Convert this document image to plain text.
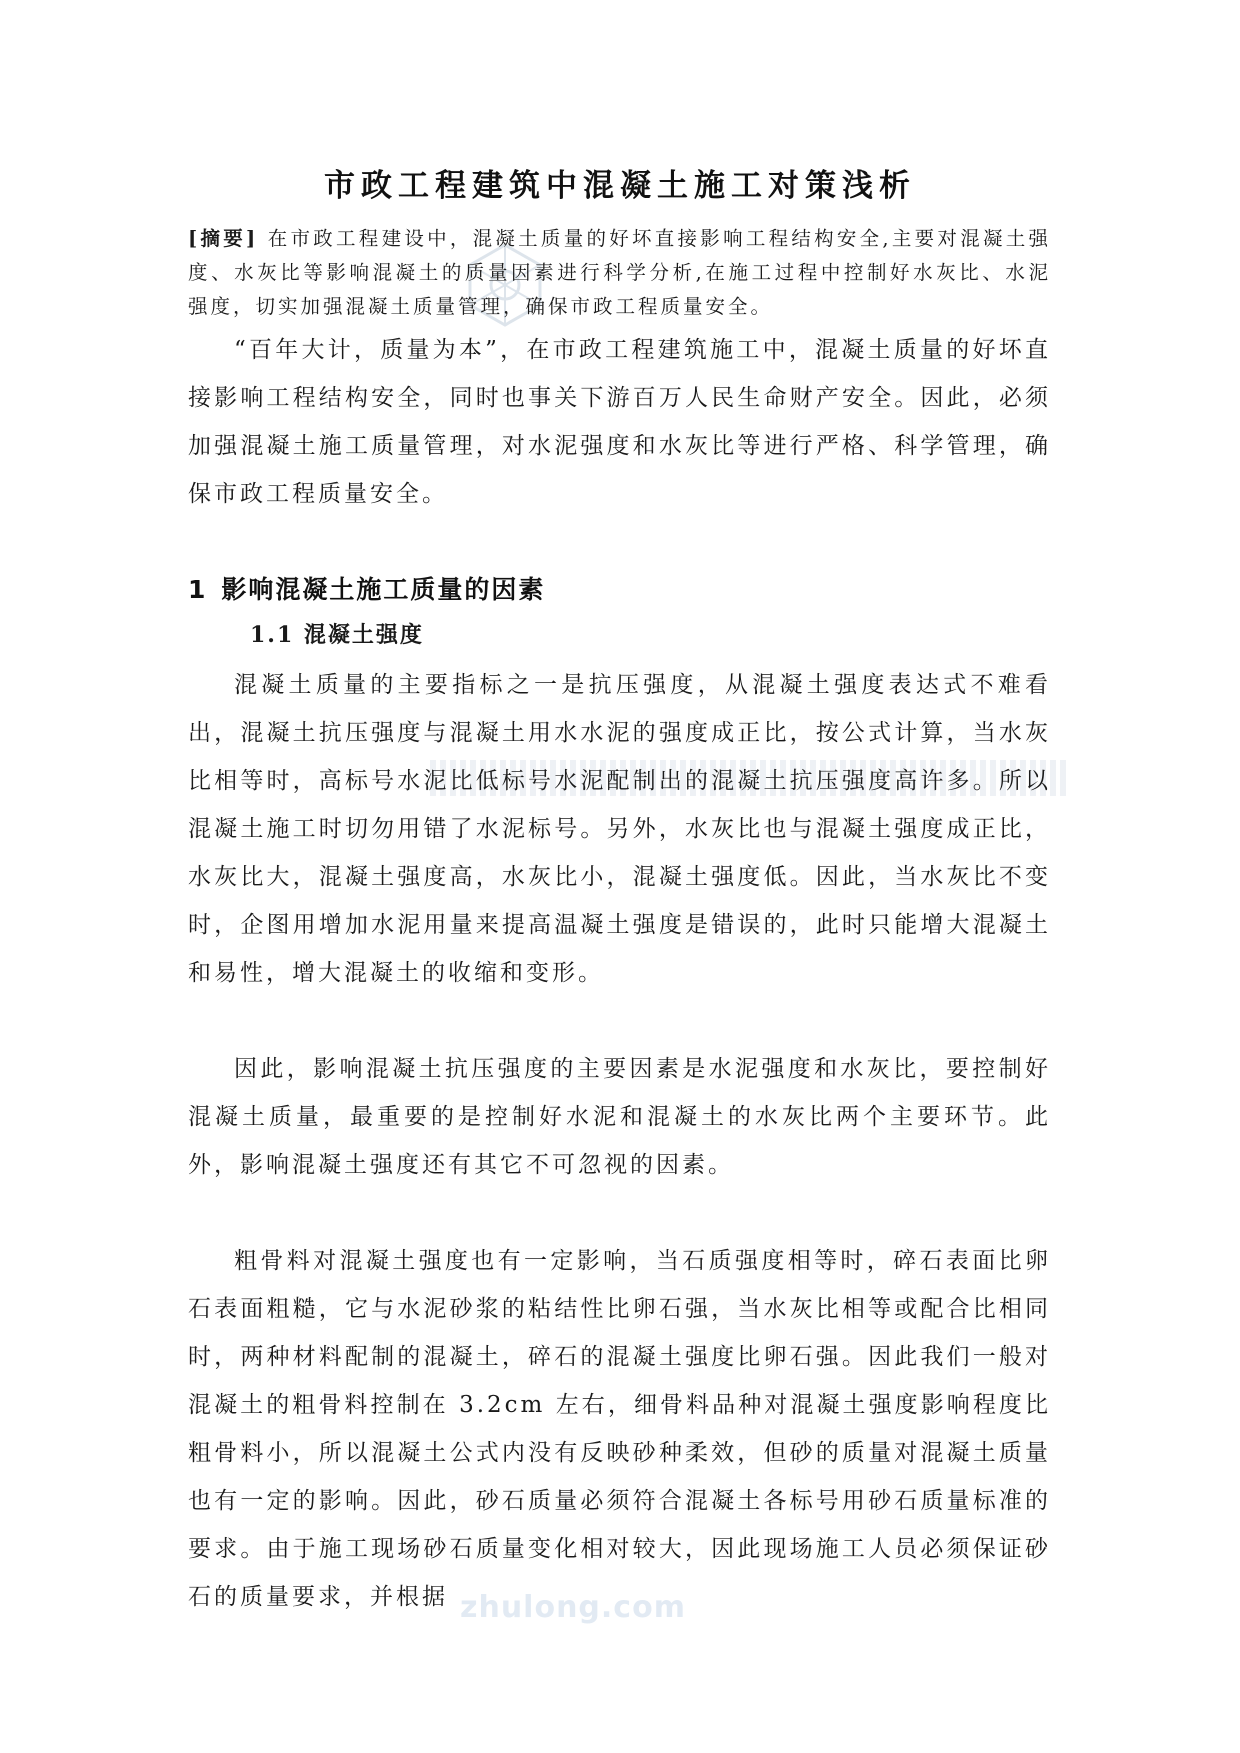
市政工程建筑中混凝土施工对策浅析

[摘要] 在市政工程建设中，混凝土质量的好坏直接影响工程结构安全,主要对混凝土强度、水灰比等影响混凝土的质量因素进行科学分析,在施工过程中控制好水灰比、水泥强度，切实加强混凝土质量管理，确保市政工程质量安全。

“百年大计，质量为本”，在市政工程建筑施工中，混凝土质量的好坏直接影响工程结构安全，同时也事关下游百万人民生命财产安全。因此，必须加强混凝土施工质量管理，对水泥强度和水灰比等进行严格、科学管理，确保市政工程质量安全。

1 影响混凝土施工质量的因素
1.1 混凝土强度

混凝土质量的主要指标之一是抗压强度，从混凝土强度表达式不难看出，混凝土抗压强度与混凝土用水水泥的强度成正比，按公式计算，当水灰比相等时，高标号水泥比低标号水泥配制出的混凝土抗压强度高许多。所以混凝土施工时切勿用错了水泥标号。另外，水灰比也与混凝土强度成正比，水灰比大，混凝土强度高，水灰比小，混凝土强度低。因此，当水灰比不变时，企图用增加水泥用量来提高温凝土强度是错误的，此时只能增大混凝土和易性，增大混凝土的收缩和变形。

因此，影响混凝土抗压强度的主要因素是水泥强度和水灰比，要控制好混凝土质量，最重要的是控制好水泥和混凝土的水灰比两个主要环节。此外，影响混凝土强度还有其它不可忽视的因素。

粗骨料对混凝土强度也有一定影响，当石质强度相等时，碎石表面比卵石表面粗糙，它与水泥砂浆的粘结性比卵石强，当水灰比相等或配合比相同时，两种材料配制的混凝土，碎石的混凝土强度比卵石强。因此我们一般对混凝土的粗骨料控制在 3.2cm 左右，细骨料品种对混凝土强度影响程度比粗骨料小，所以混凝土公式内没有反映砂种柔效，但砂的质量对混凝土质量也有一定的影响。因此，砂石质量必须符合混凝土各标号用砂石质量标准的要求。由于施工现场砂石质量变化相对较大，因此现场施工人员必须保证砂石的质量要求，并根据 zhulong.com
